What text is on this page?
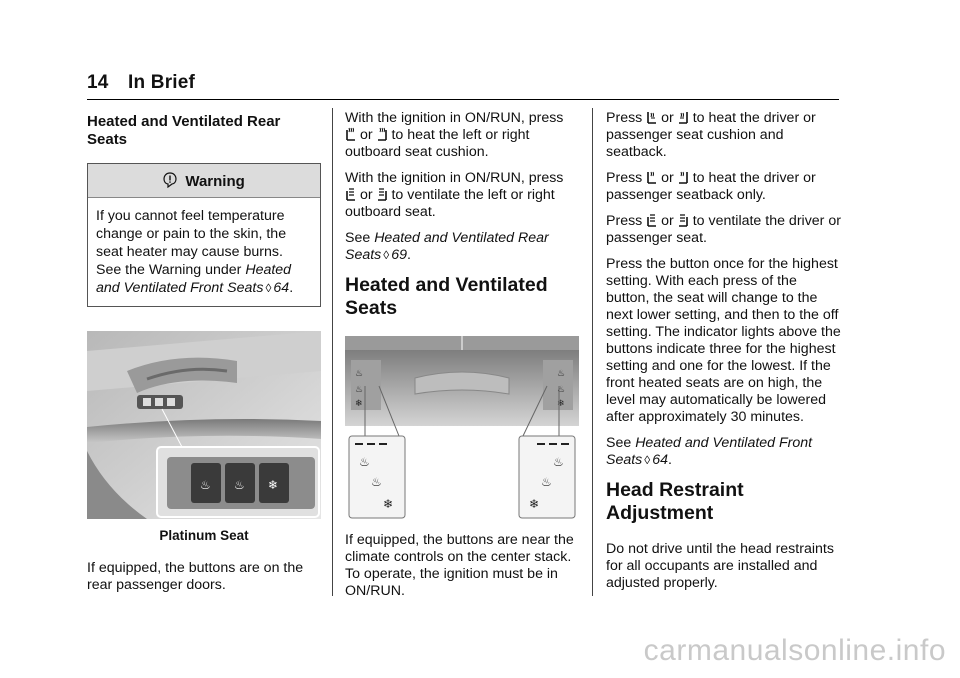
14 In Brief
Heated and Ventilated Rear Seats
Warning
If you cannot feel temperature change or pain to the skin, the seat heater may cause burns. See the Warning under Heated and Ventilated Front Seats ◊ 64.
♨ ♨ ❄
Platinum Seat

If equipped, the buttons are on the rear passenger doors.

With the ignition in ON/RUN, press
or to heat the left or right outboard seat cushion.

With the ignition in ON/RUN, press
or to ventilate the left or right outboard seat.

See Heated and Ventilated Rear Seats ◊ 69.

Heated and Ventilated Seats
♨
♨
❄
♨
♨
❄
♨
♨
❄
♨
♨
❄

If equipped, the buttons are near the climate controls on the center stack. To operate, the ignition must be in ON/RUN.

Press or to heat the driver or passenger seat cushion and seatback.

Press or to heat the driver or passenger seatback only.

Press or to ventilate the driver or passenger seat.

Press the button once for the highest setting. With each press of the button, the seat will change to the next lower setting, and then to the off setting. The indicator lights above the buttons indicate three for the highest setting and one for the lowest. If the front heated seats are on high, the level may automatically be lowered after approximately 30 minutes.

See Heated and Ventilated Front Seats ◊ 64.

Head Restraint Adjustment

Do not drive until the head restraints for all occupants are installed and adjusted properly.

carmanualsonline.info
